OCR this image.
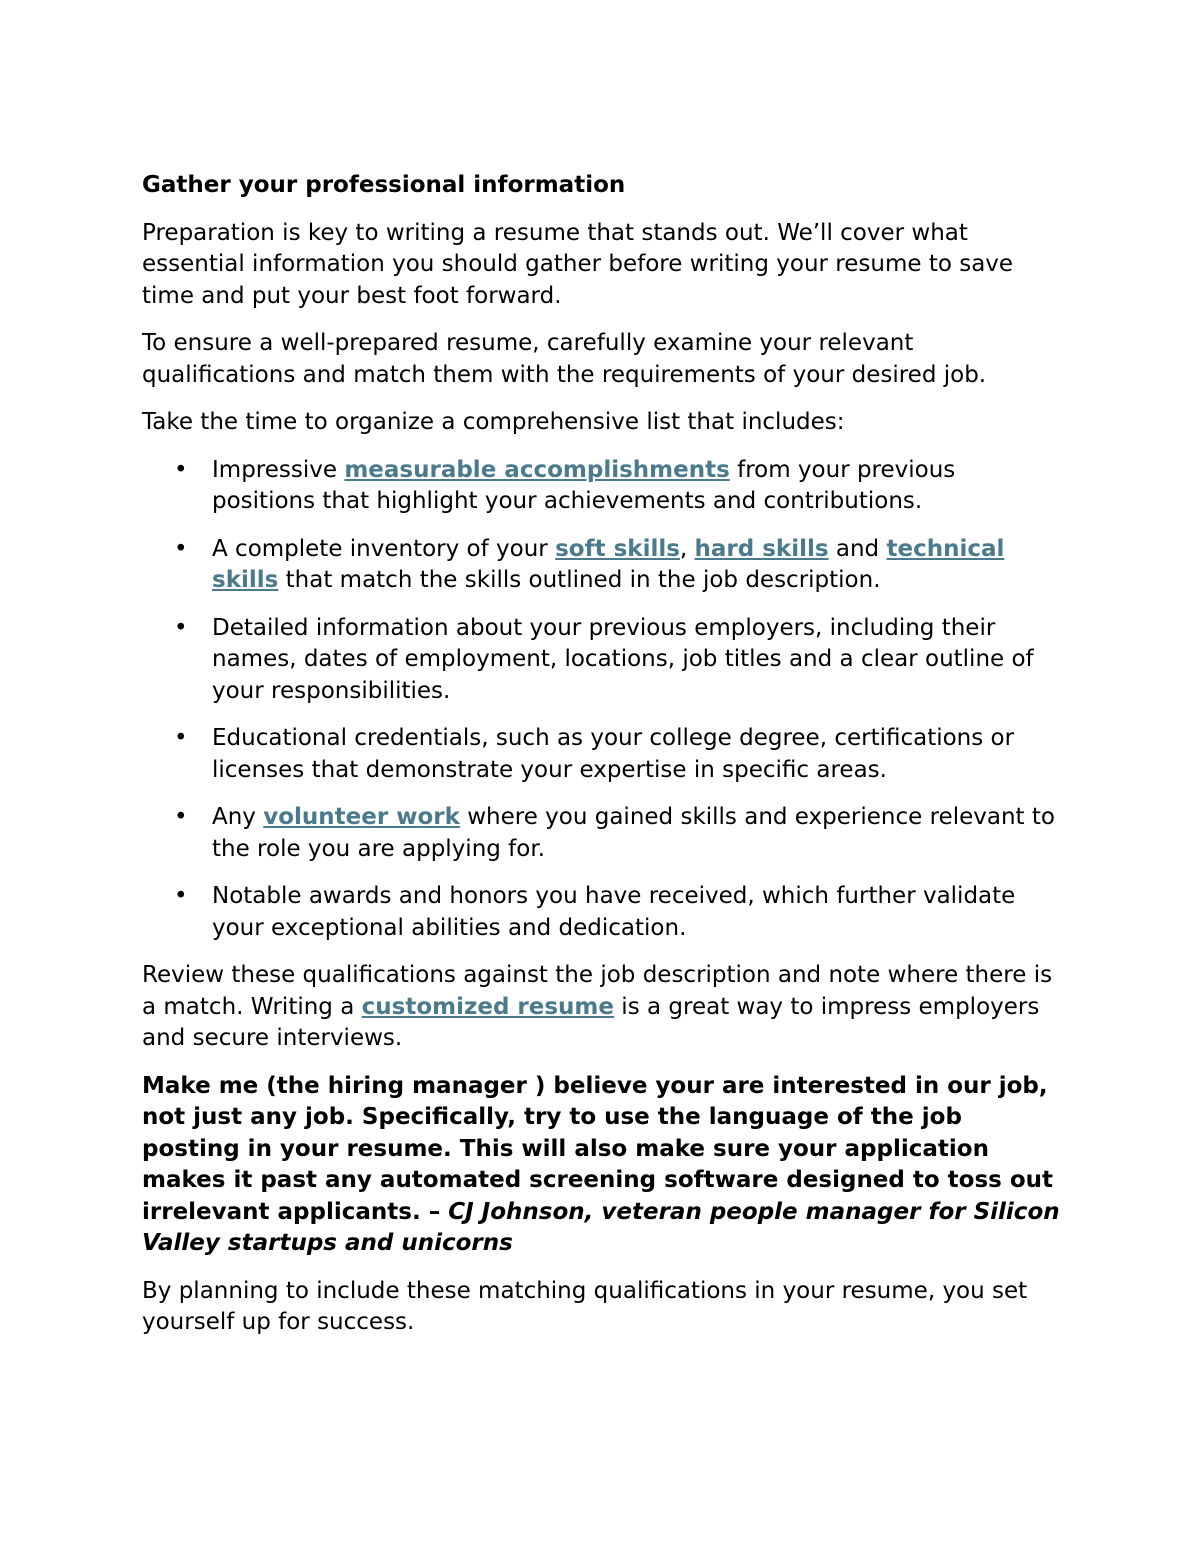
Gather your professional information

Preparation is key to writing a resume that stands out. We’ll cover what essential information you should gather before writing your resume to save time and put your best foot forward.

To ensure a well-prepared resume, carefully examine your relevant qualifications and match them with the requirements of your desired job.

Take the time to organize a comprehensive list that includes:

• Impressive measurable accomplishments from your previous positions that highlight your achievements and contributions.
• A complete inventory of your soft skills, hard skills and technical skills that match the skills outlined in the job description.
• Detailed information about your previous employers, including their names, dates of employment, locations, job titles and a clear outline of your responsibilities.
• Educational credentials, such as your college degree, certifications or licenses that demonstrate your expertise in specific areas.
• Any volunteer work where you gained skills and experience relevant to the role you are applying for.
• Notable awards and honors you have received, which further validate your exceptional abilities and dedication.

Review these qualifications against the job description and note where there is a match. Writing a customized resume is a great way to impress employers and secure interviews.

Make me (the hiring manager ) believe your are interested in our job, not just any job. Specifically, try to use the language of the job posting in your resume. This will also make sure your application makes it past any automated screening software designed to toss out irrelevant applicants. – CJ Johnson, veteran people manager for Silicon Valley startups and unicorns

By planning to include these matching qualifications in your resume, you set yourself up for success.
